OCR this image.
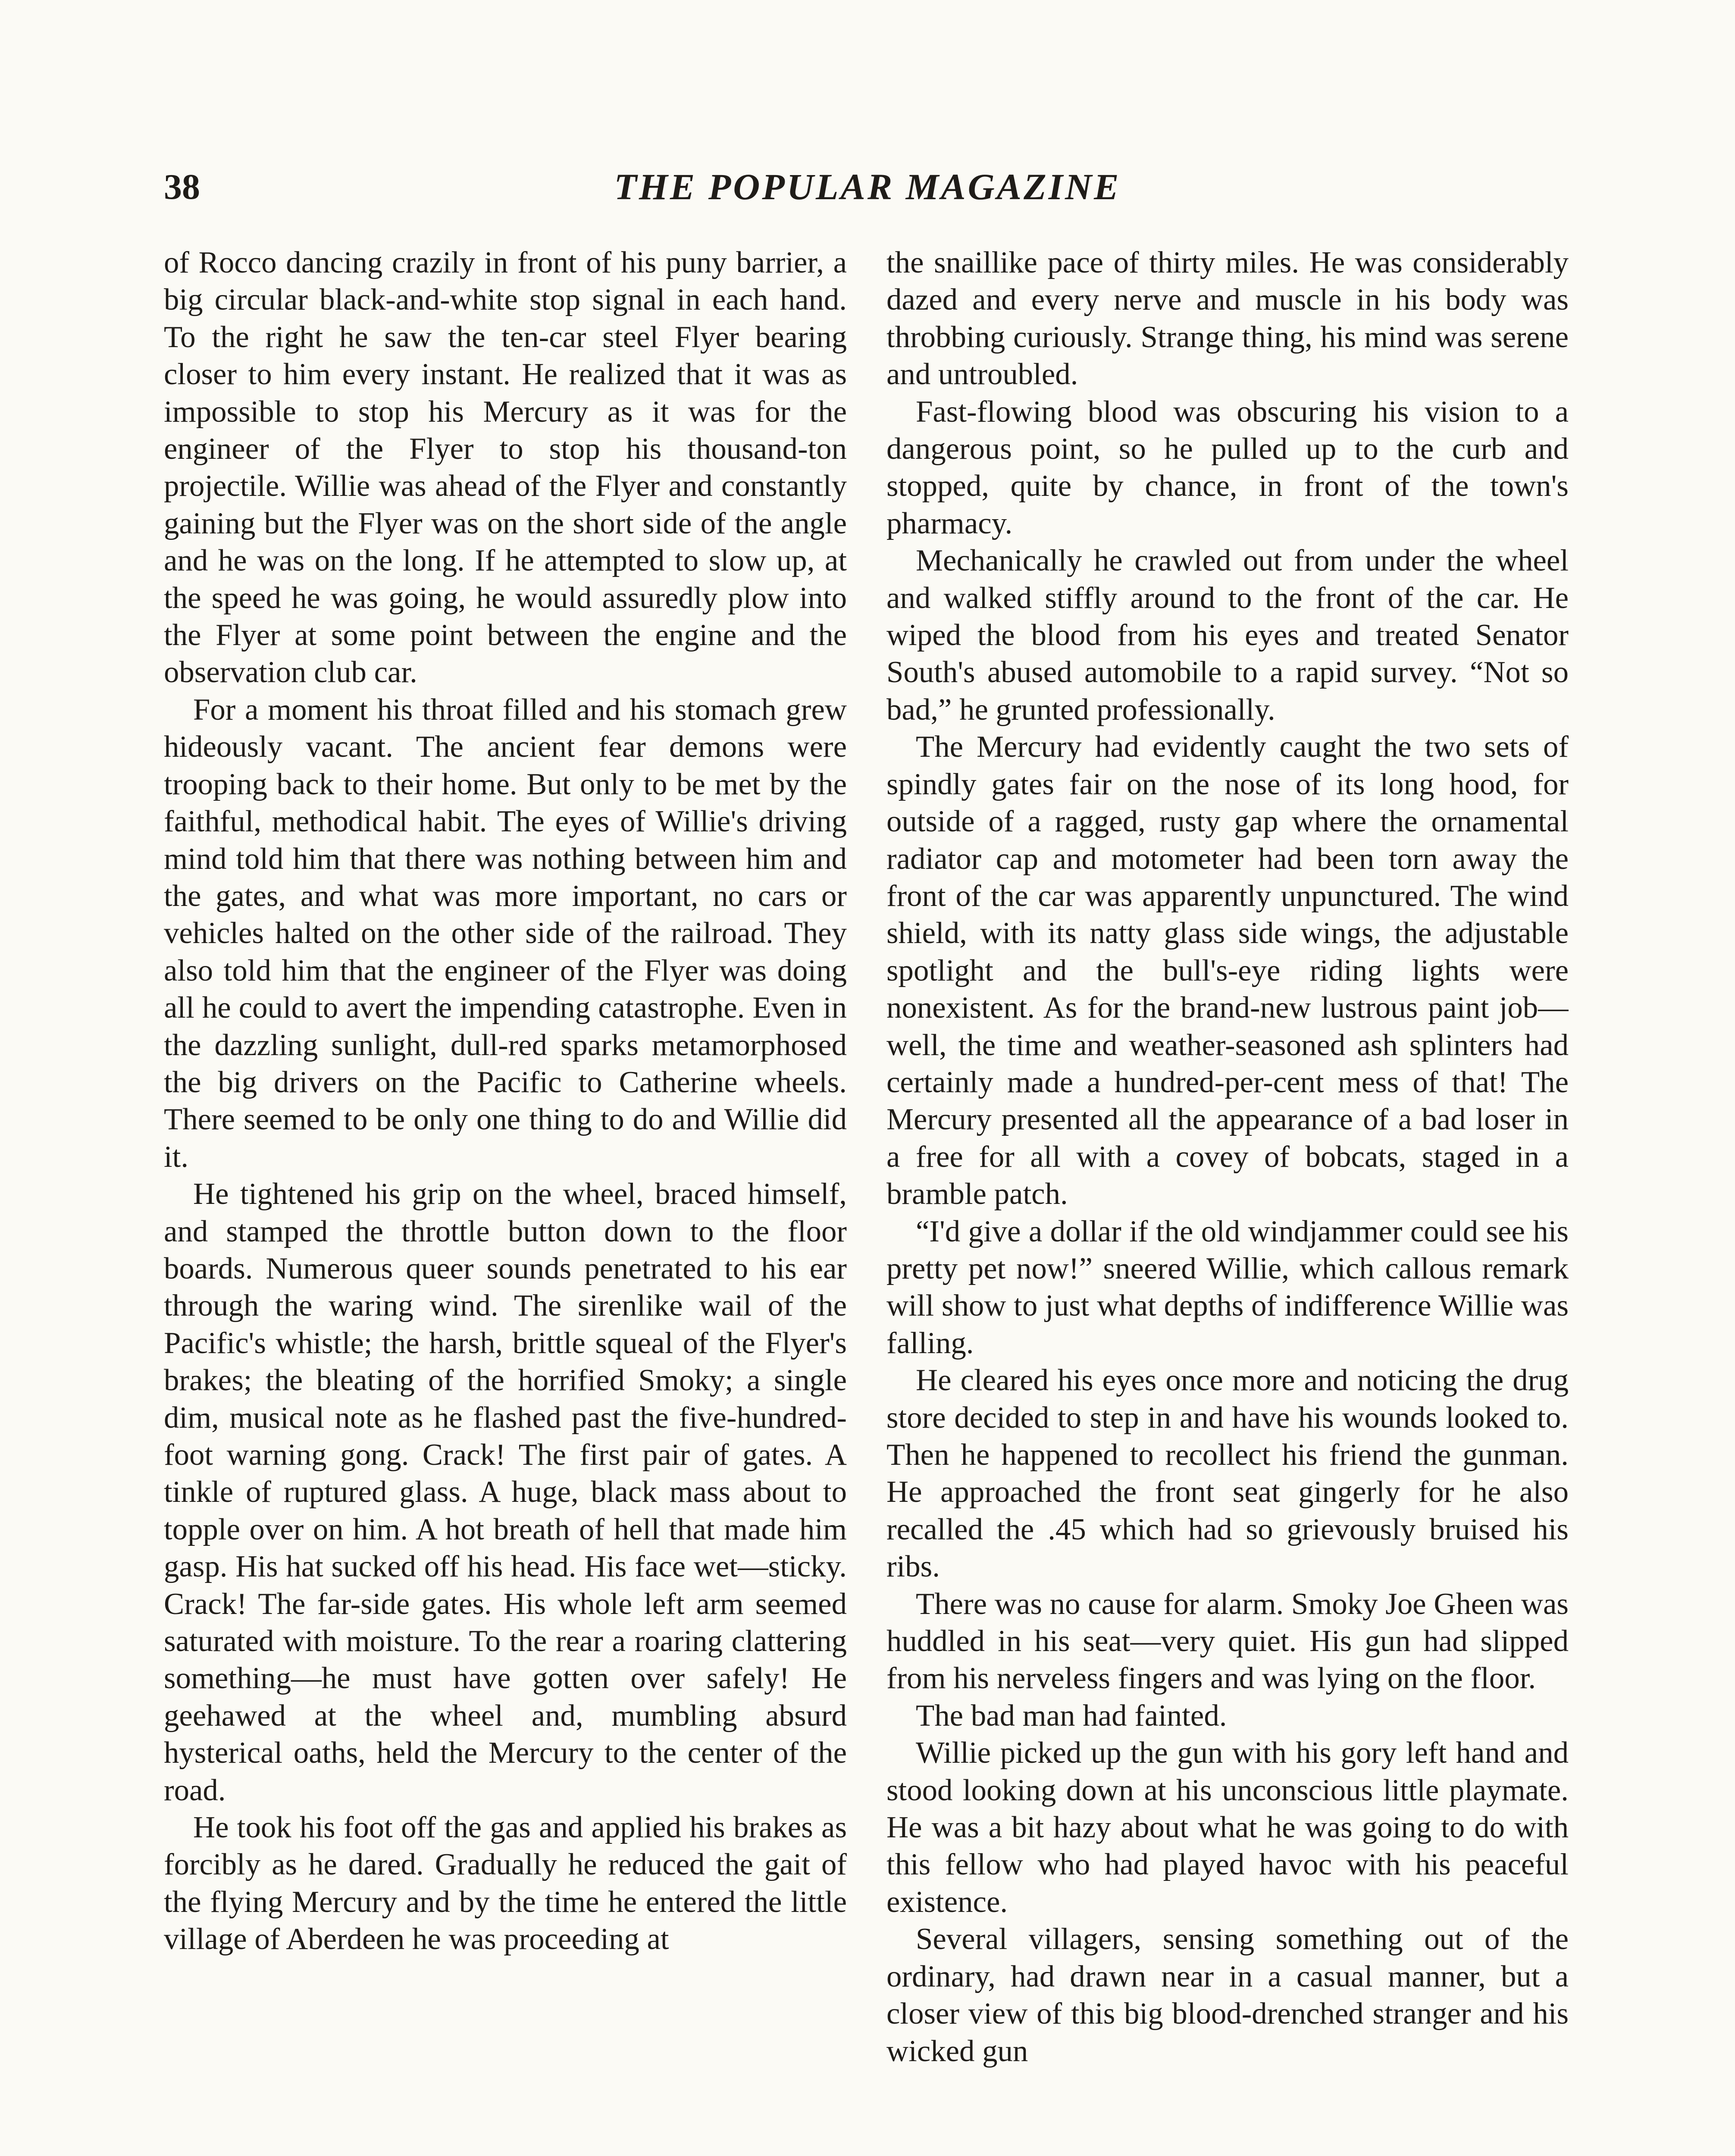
38	THE POPULAR MAGAZINE

of Rocco dancing crazily in front of his puny barrier, a big circular black-and-white stop signal in each hand. To the right he saw the ten-car steel Flyer bearing closer to him every instant. He realized that it was as impossible to stop his Mercury as it was for the engineer of the Flyer to stop his thousand-ton projectile. Willie was ahead of the Flyer and constantly gaining but the Flyer was on the short side of the angle and he was on the long. If he attempted to slow up, at the speed he was going, he would assuredly plow into the Flyer at some point between the engine and the observation club car.

For a moment his throat filled and his stomach grew hideously vacant. The ancient fear demons were trooping back to their home. But only to be met by the faithful, methodical habit. The eyes of Willie's driving mind told him that there was nothing between him and the gates, and what was more important, no cars or vehicles halted on the other side of the railroad. They also told him that the engineer of the Flyer was doing all he could to avert the impending catastrophe. Even in the dazzling sunlight, dull-red sparks metamorphosed the big drivers on the Pacific to Catherine wheels. There seemed to be only one thing to do and Willie did it.

He tightened his grip on the wheel, braced himself, and stamped the throttle button down to the floor boards. Numerous queer sounds penetrated to his ear through the waring wind. The sirenlike wail of the Pacific's whistle; the harsh, brittle squeal of the Flyer's brakes; the bleating of the horrified Smoky; a single dim, musical note as he flashed past the five-hundred-foot warning gong. Crack! The first pair of gates. A tinkle of ruptured glass. A huge, black mass about to topple over on him. A hot breath of hell that made him gasp. His hat sucked off his head. His face wet—sticky. Crack! The far-side gates. His whole left arm seemed saturated with moisture. To the rear a roaring clattering something—he must have gotten over safely! He geehawed at the wheel and, mumbling absurd hysterical oaths, held the Mercury to the center of the road.

He took his foot off the gas and applied his brakes as forcibly as he dared. Gradually he reduced the gait of the flying Mercury and by the time he entered the little village of Aberdeen he was proceeding at

the snaillike pace of thirty miles. He was considerably dazed and every nerve and muscle in his body was throbbing curiously. Strange thing, his mind was serene and untroubled.

Fast-flowing blood was obscuring his vision to a dangerous point, so he pulled up to the curb and stopped, quite by chance, in front of the town's pharmacy.

Mechanically he crawled out from under the wheel and walked stiffly around to the front of the car. He wiped the blood from his eyes and treated Senator South's abused automobile to a rapid survey. “Not so bad,” he grunted professionally.

The Mercury had evidently caught the two sets of spindly gates fair on the nose of its long hood, for outside of a ragged, rusty gap where the ornamental radiator cap and motometer had been torn away the front of the car was apparently unpunctured. The wind shield, with its natty glass side wings, the adjustable spotlight and the bull's-eye riding lights were nonexistent. As for the brand-new lustrous paint job—well, the time and weather-seasoned ash splinters had certainly made a hundred-per-cent mess of that! The Mercury presented all the appearance of a bad loser in a free for all with a covey of bobcats, staged in a bramble patch.

“I'd give a dollar if the old windjammer could see his pretty pet now!” sneered Willie, which callous remark will show to just what depths of indifference Willie was falling.

He cleared his eyes once more and noticing the drug store decided to step in and have his wounds looked to. Then he happened to recollect his friend the gunman. He approached the front seat gingerly for he also recalled the .45 which had so grievously bruised his ribs.

There was no cause for alarm. Smoky Joe Gheen was huddled in his seat—very quiet. His gun had slipped from his nerveless fingers and was lying on the floor.

The bad man had fainted.

Willie picked up the gun with his gory left hand and stood looking down at his unconscious little playmate. He was a bit hazy about what he was going to do with this fellow who had played havoc with his peaceful existence.

Several villagers, sensing something out of the ordinary, had drawn near in a casual manner, but a closer view of this big blood-drenched stranger and his wicked gun
